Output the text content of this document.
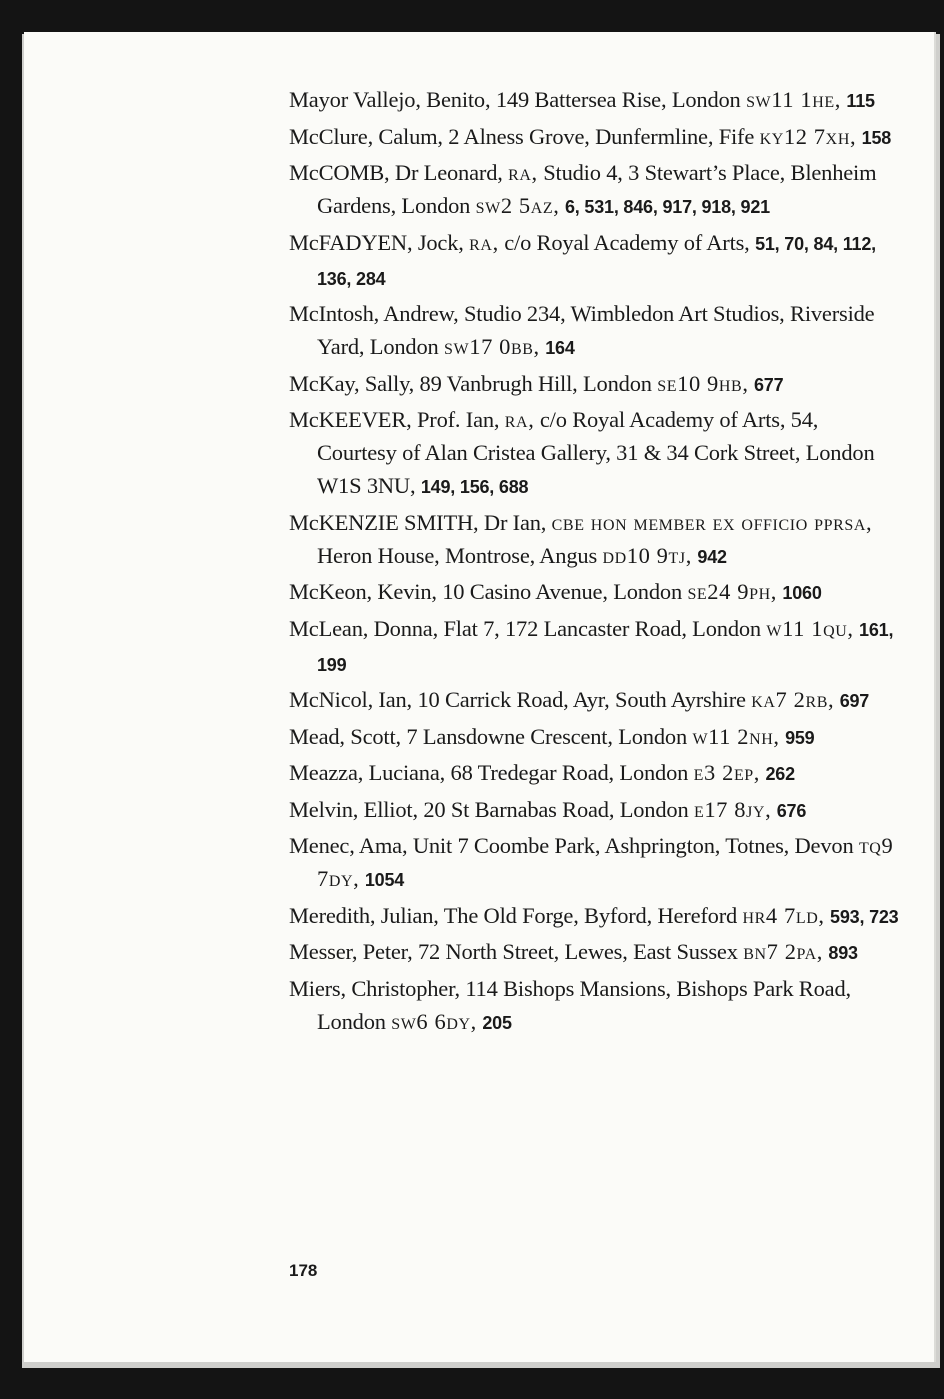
Mayor Vallejo, Benito, 149 Battersea Rise, London sw11 1he, 115

McClure, Calum, 2 Alness Grove, Dunfermline, Fife ky12 7xh, 158

McCOMB, Dr Leonard, ra, Studio 4, 3 Stewart’s Place, Blenheim Gardens, London sw2 5az, 6, 531, 846, 917, 918, 921

McFADYEN, Jock, ra, c/o Royal Academy of Arts, 51, 70, 84, 112, 136, 284

McIntosh, Andrew, Studio 234, Wimbledon Art Studios, Riverside Yard, London sw17 0bb, 164

McKay, Sally, 89 Vanbrugh Hill, London se10 9hb, 677

McKEEVER, Prof. Ian, ra, c/o Royal Academy of Arts, 54, Courtesy of Alan Cristea Gallery, 31 & 34 Cork Street, London W1S 3NU, 149, 156, 688

McKENZIE SMITH, Dr Ian, cbe hon member ex officio pprsa, Heron House, Montrose, Angus dd10 9tj, 942

McKeon, Kevin, 10 Casino Avenue, London se24 9ph, 1060

McLean, Donna, Flat 7, 172 Lancaster Road, London w11 1qu, 161, 199

McNicol, Ian, 10 Carrick Road, Ayr, South Ayrshire ka7 2rb, 697

Mead, Scott, 7 Lansdowne Crescent, London w11 2nh, 959

Meazza, Luciana, 68 Tredegar Road, London e3 2ep, 262

Melvin, Elliot, 20 St Barnabas Road, London e17 8jy, 676

Menec, Ama, Unit 7 Coombe Park, Ashprington, Totnes, Devon tq9 7dy, 1054

Meredith, Julian, The Old Forge, Byford, Hereford hr4 7ld, 593, 723

Messer, Peter, 72 North Street, Lewes, East Sussex bn7 2pa, 893

Miers, Christopher, 114 Bishops Mansions, Bishops Park Road, London sw6 6dy, 205

178
